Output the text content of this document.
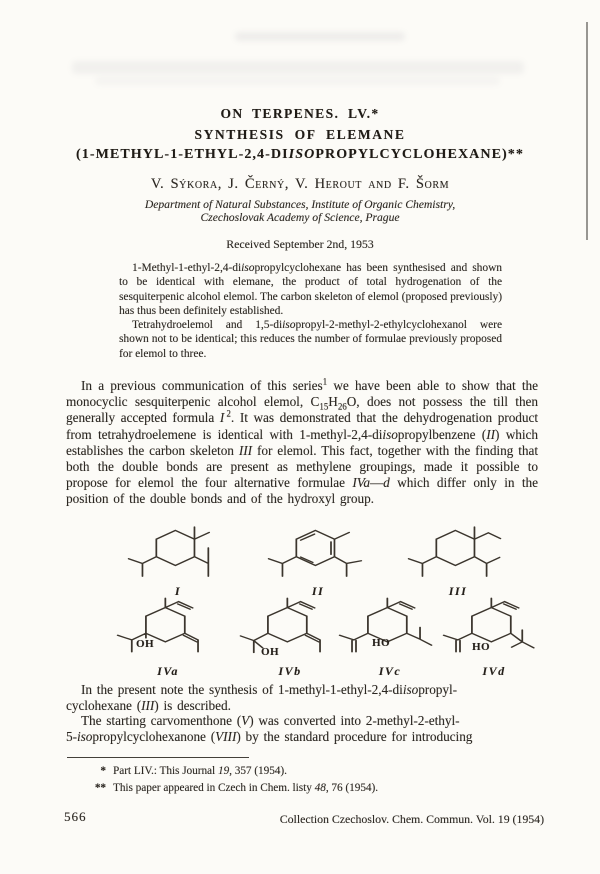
ON TERPENES. LV.*
SYNTHESIS OF ELEMANE
(1-METHYL-1-ETHYL-2,4-DIISOPROPYLCYCLOHEXANE)**
V. Sýkora, J. Černý, V. Herout and F. Šorm
Department of Natural Substances, Institute of Organic Chemistry,
Czechoslovak Academy of Science, Prague
Received September 2nd, 1953

1-Methyl-1-ethyl-2,4-diisopropylcyclohexane has been synthesised and shown to be identical with elemane, the product of total hydrogenation of the sesquiterpenic alcohol elemol. The carbon skeleton of elemol (proposed previously) has thus been definitely established.

Tetrahydroelemol and 1,5-diisopropyl-2-methyl-2-ethylcyclohexanol were shown not to be identical; this reduces the number of formulae previously proposed for elemol to three.

In a previous communication of this series$^1$ we have been able to show that the monocyclic sesquiterpenic alcohol elemol, $C_{15}H_{26}O$, does not possess the till then generally accepted formula I  $^2$. It was demonstrated that the dehydrogenation product from tetrahydroelemene is identical with 1-methyl-2,4-diisopropylbenzene (II) which establishes the carbon skeleton III for elemol. This fact, together with the finding that both the double bonds are present as methylene groupings, made it possible to propose for elemol the four alternative formulae IVa—d which differ only in the position of the double bonds and of the hydroxyl group.

I	II	III
OH
IVa
OH
IVb
HO
IVc
HO
IVd

In the present note the synthesis of 1-methyl-1-ethyl-2,4-diisopropyl-
cyclohexane (III) is described.

The starting carvomenthone (V) was converted into 2-methyl-2-ethyl-
5-isopropylcyclohexanone (VIII) by the standard procedure for introducing

* Part LIV.: This Journal 19, 357 (1954).
** This paper appeared in Czech in Chem. listy 48, 76 (1954).
566	Collection Czechoslov. Chem. Commun. Vol. 19 (1954)
